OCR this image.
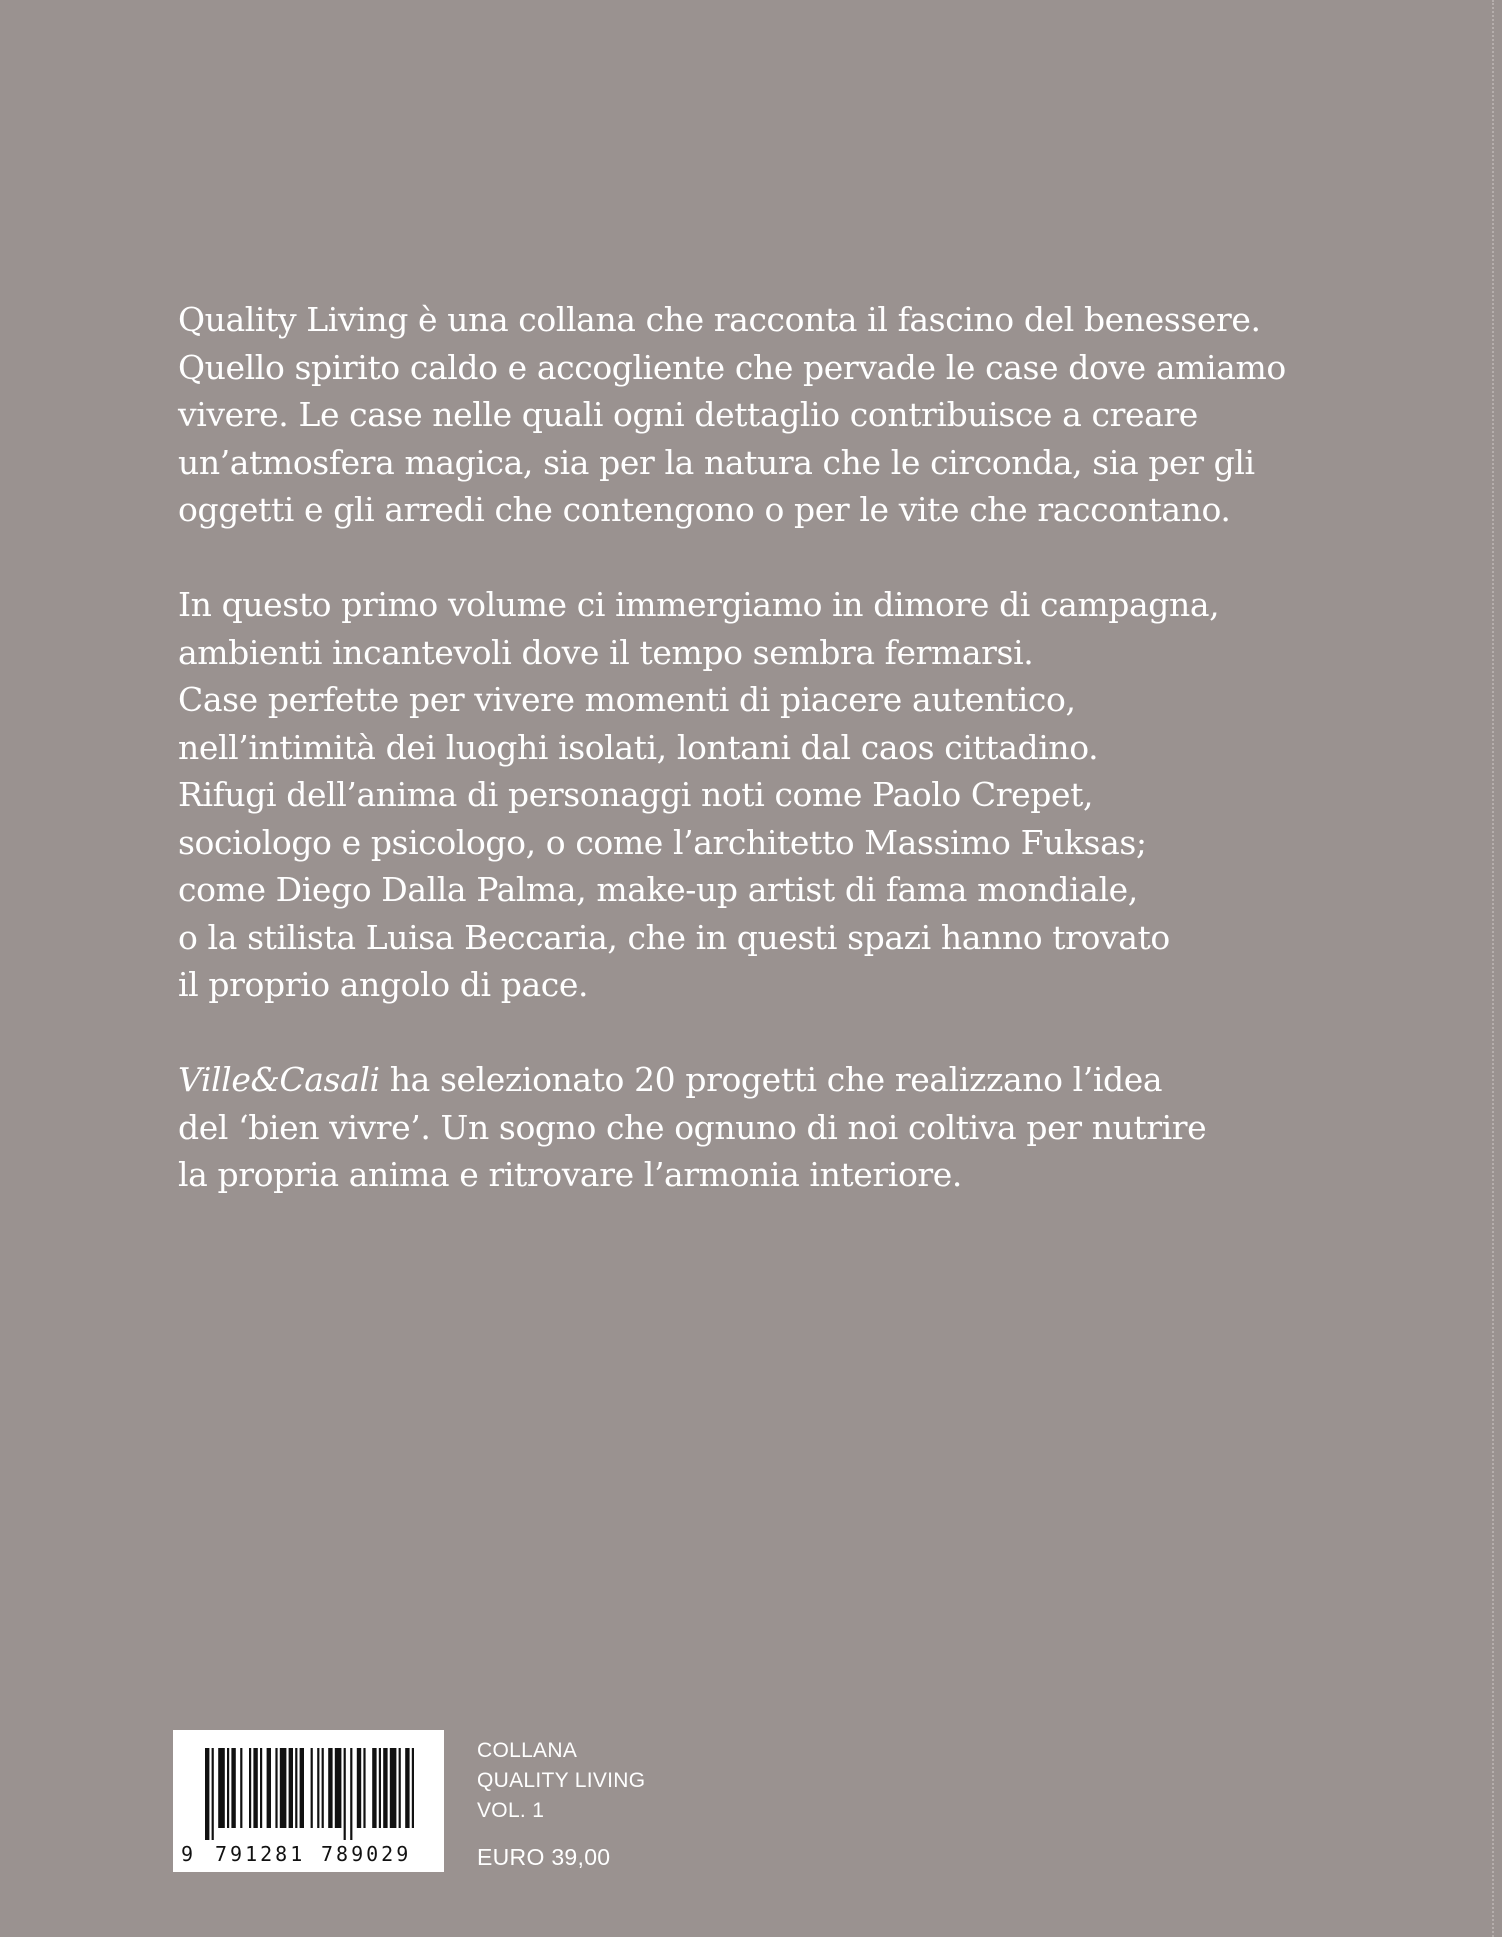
Quality Living è una collana che racconta il fascino del benessere.
Quello spirito caldo e accogliente che pervade le case dove amiamo
vivere. Le case nelle quali ogni dettaglio contribuisce a creare
un’atmosfera magica, sia per la natura che le circonda, sia per gli
oggetti e gli arredi che contengono o per le vite che raccontano.

In questo primo volume ci immergiamo in dimore di campagna,
ambienti incantevoli dove il tempo sembra fermarsi.
Case perfette per vivere momenti di piacere autentico,
nell’intimità dei luoghi isolati, lontani dal caos cittadino.
Rifugi dell’anima di personaggi noti come Paolo Crepet,
sociologo e psicologo, o come l’architetto Massimo Fuksas;
come Diego Dalla Palma, make-up artist di fama mondiale,
o la stilista Luisa Beccaria, che in questi spazi hanno trovato
il proprio angolo di pace.

Ville&Casali ha selezionato 20 progetti che realizzano l’idea
del ‘bien vivre’. Un sogno che ognuno di noi coltiva per nutrire
la propria anima e ritrovare l’armonia interiore.

9 791281 789029
COLLANA
QUALITY LIVING
VOL. 1
EURO 39,00
